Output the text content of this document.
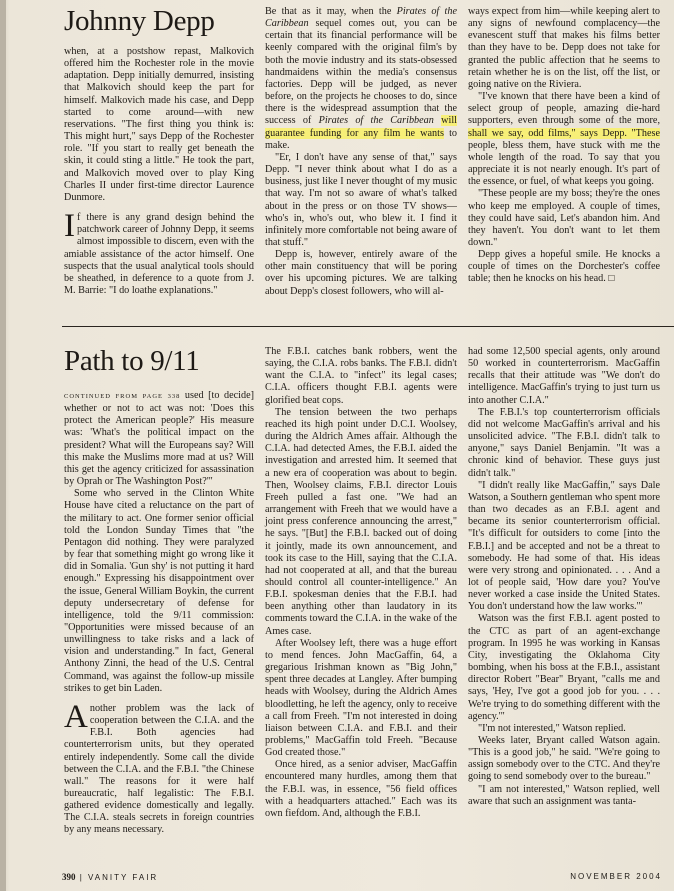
Johnny Depp

when, at a postshow repast, Malkovich offered him the Rochester role in the movie adaptation. Depp initially demurred, insisting that Malkovich should keep the part for himself. Malkovich made his case, and Depp started to come around—with new reservations. "The first thing you think is: This might hurt," says Depp of the Rochester role. "If you start to really get beneath the skin, it could sting a little." He took the part, and Malkovich moved over to play King Charles II under first-time director Laurence Dunmore.

If there is any grand design behind the patchwork career of Johnny Depp, it seems almost impossible to discern, even with the amiable assistance of the actor himself. One suspects that the usual analytical tools should be sheathed, in deference to a quote from J. M. Barrie: "I do loathe explanations."

Be that as it may, when the Pirates of the Caribbean sequel comes out, you can be certain that its financial performance will be keenly compared with the original film's by both the movie industry and its stats-obsessed handmaidens within the media's consensus factories. Depp will be judged, as never before, on the projects he chooses to do, since there is the widespread assumption that the success of Pirates of the Caribbean will guarantee funding for any film he wants to make.

"Er, I don't have any sense of that," says Depp. "I never think about what I do as a business, just like I never thought of my music that way. I'm not so aware of what's talked about in the press or on those TV shows—who's in, who's out, who blew it. I find it infinitely more comfortable not being aware of that stuff."

Depp is, however, entirely aware of the other main constituency that will be poring over his upcoming pictures. We are talking about Depp's closest followers, who will al-

ways expect from him—while keeping alert to any signs of newfound complacency—the evanescent stuff that makes his films better than they have to be. Depp does not take for granted the public affection that he seems to retain whether he is on the list, off the list, or going native on the Riviera.

"I've known that there have been a kind of select group of people, amazing die-hard supporters, even through some of the more, shall we say, odd films," says Depp. "These people, bless them, have stuck with me the whole length of the road. To say that you appreciate it is not nearly enough. It's part of the essence, or fuel, of what keeps you going.

"These people are my boss; they're the ones who keep me employed. A couple of times, they could have said, Let's abandon him. And they haven't. You don't want to let them down."

Depp gives a hopeful smile. He knocks a couple of times on the Dorchester's coffee table; then he knocks on his head. □

Path to 9/11

CONTINUED FROM PAGE 338 used [to decide] whether or not to act was not: 'Does this protect the American people?' His measure was: 'What's the political impact on the president? What will the Europeans say? Will this make the Muslims more mad at us? Will this get the agency criticized for assassination by Oprah or The Washington Post?'"

Some who served in the Clinton White House have cited a reluctance on the part of the military to act. One former senior official told the London Sunday Times that "the Pentagon did nothing. They were paralyzed by fear that something might go wrong like it did in Somalia. 'Gun shy' is not putting it hard enough." Expressing his disappointment over the issue, General William Boykin, the current deputy undersecretary of defense for intelligence, told the 9/11 commission: "Opportunities were missed because of an unwillingness to take risks and a lack of vision and understanding." In fact, General Anthony Zinni, the head of the U.S. Central Command, was against the follow-up missile strikes to get bin Laden.

Another problem was the lack of cooperation between the C.I.A. and the F.B.I. Both agencies had counterterrorism units, but they operated entirely independently. Some call the divide between the C.I.A. and the F.B.I. "the Chinese wall." The reasons for it were half bureaucratic, half legalistic: The F.B.I. gathered evidence domestically and legally. The C.I.A. steals secrets in foreign countries by any means necessary.

The F.B.I. catches bank robbers, went the saying, the C.I.A. robs banks. The F.B.I. didn't want the C.I.A. to "infect" its legal cases; C.I.A. officers thought F.B.I. agents were glorified beat cops.

The tension between the two perhaps reached its high point under D.C.I. Woolsey, during the Aldrich Ames affair. Although the C.I.A. had detected Ames, the F.B.I. aided the investigation and arrested him. It seemed that a new era of cooperation was about to begin. Then, Woolsey claims, F.B.I. director Louis Freeh pulled a fast one. "We had an arrangement with Freeh that we would have a joint press conference announcing the arrest," he says. "[But] the F.B.I. backed out of doing it jointly, made its own announcement, and took its case to the Hill, saying that the C.I.A. had not cooperated at all, and that the bureau should control all counter-intelligence." An F.B.I. spokesman denies that the F.B.I. had been anything other than laudatory in its comments toward the C.I.A. in the wake of the Ames case.

After Woolsey left, there was a huge effort to mend fences. John MacGaffin, 64, a gregarious Irishman known as "Big John," spent three decades at Langley. After bumping heads with Woolsey, during the Aldrich Ames bloodletting, he left the agency, only to receive a call from Freeh. "I'm not interested in doing liaison between C.I.A. and F.B.I. and their problems," MacGaffin told Freeh. "Because God created those."

Once hired, as a senior adviser, MacGaffin encountered many hurdles, among them that the F.B.I. was, in essence, "56 field offices with a headquarters attached." Each was its own fiefdom. And, although the F.B.I.

had some 12,500 special agents, only around 50 worked in counterterrorism. MacGaffin recalls that their attitude was "We don't do intelligence. MacGaffin's trying to just turn us into another C.I.A."

The F.B.I.'s top counterterrorism officials did not welcome MacGaffin's arrival and his unsolicited advice. "The F.B.I. didn't talk to anyone," says Daniel Benjamin. "It was a chronic kind of behavior. These guys just didn't talk."

"I didn't really like MacGaffin," says Dale Watson, a Southern gentleman who spent more than two decades as an F.B.I. agent and became its senior counterterrorism official. "It's difficult for outsiders to come [into the F.B.I.] and be accepted and not be a threat to somebody. He had some of that. His ideas were very strong and opinionated. . . . And a lot of people said, 'How dare you? You've never worked a case inside the United States. You don't understand how the law works.'"

Watson was the first F.B.I. agent posted to the CTC as part of an agent-exchange program. In 1995 he was working in Kansas City, investigating the Oklahoma City bombing, when his boss at the F.B.I., assistant director Robert "Bear" Bryant, "calls me and says, 'Hey, I've got a good job for you. . . . We're trying to do something different with the agency.'"

"I'm not interested," Watson replied.

Weeks later, Bryant called Watson again. "This is a good job," he said. "We're going to assign somebody over to the CTC. And they're going to send somebody over to the bureau."

"I am not interested," Watson replied, well aware that such an assignment was tanta-

390 | VANITY FAIR	NOVEMBER 2004
